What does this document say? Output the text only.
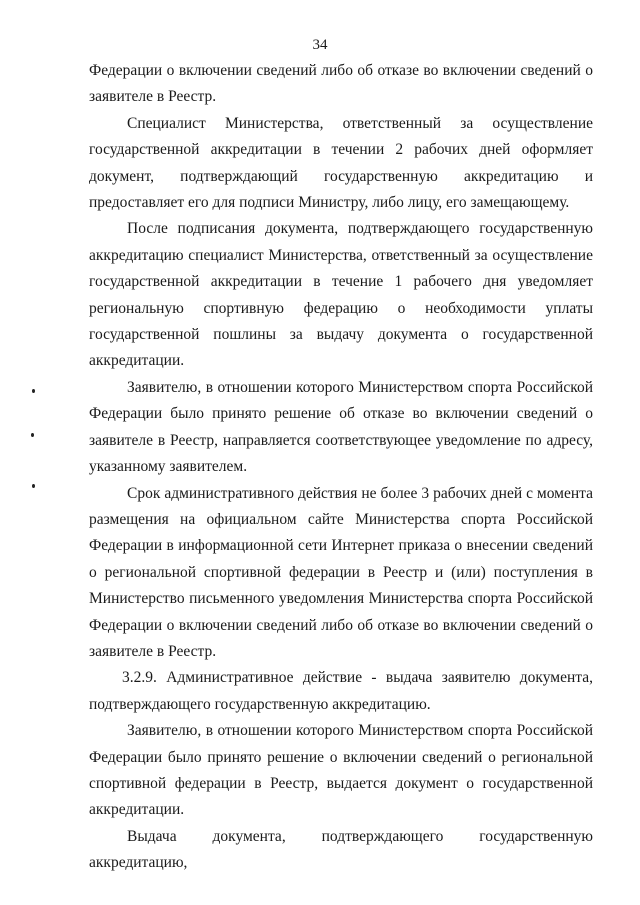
34

Федерации о включении сведений либо об отказе во включении сведений о заявителе в Реестр.

Специалист Министерства, ответственный за осуществление государственной аккредитации в течении 2 рабочих дней оформляет документ, подтверждающий государственную аккредитацию и предоставляет его для подписи Министру, либо лицу, его замещающему.

После подписания документа, подтверждающего государственную аккредитацию специалист Министерства, ответственный за осуществление государственной аккредитации в течение 1 рабочего дня уведомляет региональную спортивную федерацию о необходимости уплаты государственной пошлины за выдачу документа о государственной аккредитации.

Заявителю, в отношении которого Министерством спорта Российской Федерации было принято решение об отказе во включении сведений о заявителе в Реестр, направляется соответствующее уведомление по адресу, указанному заявителем.

Срок административного действия не более 3 рабочих дней с момента размещения на официальном сайте Министерства спорта Российской Федерации в информационной сети Интернет приказа о внесении сведений о региональной спортивной федерации в Реестр и (или) поступления в Министерство письменного уведомления Министерства спорта Российской Федерации о включении сведений либо об отказе во включении сведений о заявителе в Реестр.

3.2.9. Административное действие - выдача заявителю документа, подтверждающего государственную аккредитацию.

Заявителю, в отношении которого Министерством спорта Российской Федерации было принято решение о включении сведений о региональной спортивной федерации в Реестр, выдается документ о государственной аккредитации.

Выдача документа, подтверждающего государственную аккредитацию,
